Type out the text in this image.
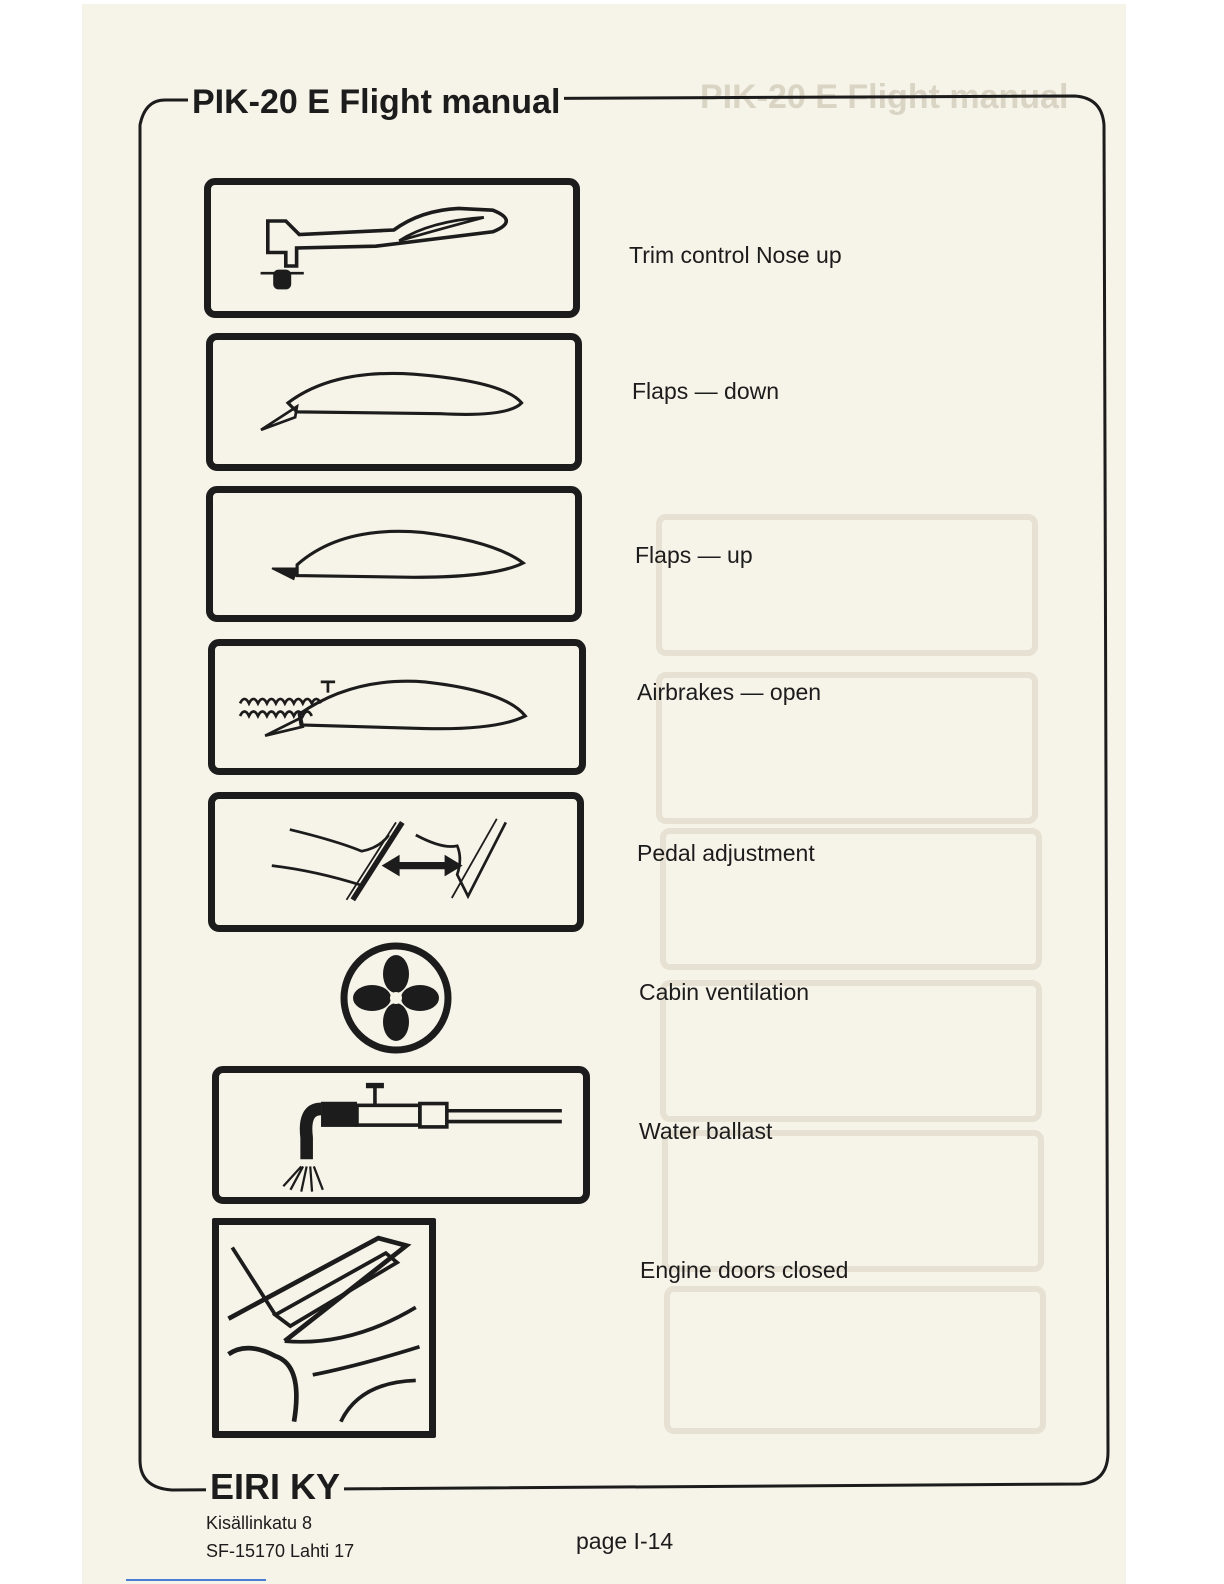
PIK-20 E Flight manual
PIK-20 E Flight manual
Trim control Nose up
Flaps — down
Flaps — up
Airbrakes — open
Pedal adjustment
Cabin ventilation
Water ballast
Engine doors closed
EIRI KY
Kisällinkatu 8
SF-15170 Lahti 17	page I-14
